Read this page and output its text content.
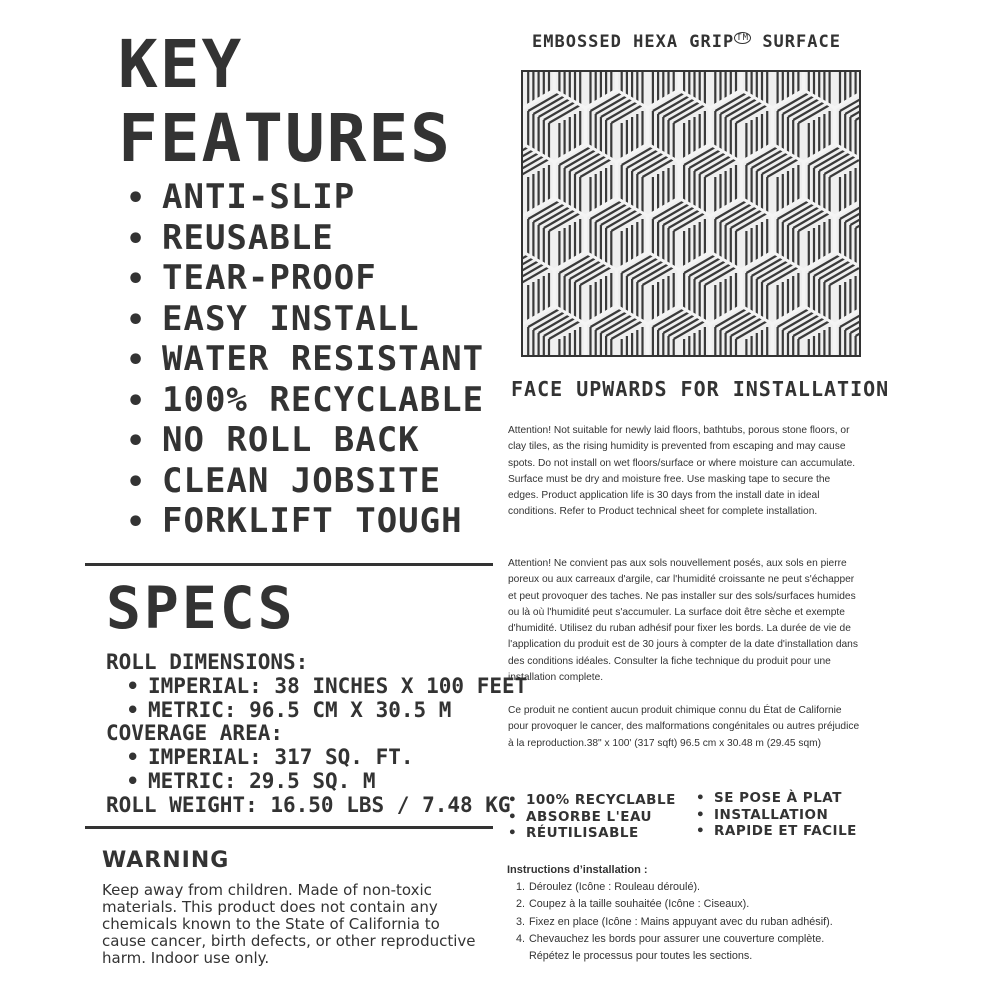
KEY
FEATURES
• ANTI-SLIP
• REUSABLE
• TEAR-PROOF
• EASY INSTALL
• WATER RESISTANT
• 100% RECYCLABLE
• NO ROLL BACK
• CLEAN JOBSITE
• FORKLIFT TOUGH
SPECS
ROLL DIMENSIONS:
• IMPERIAL: 38 INCHES X 100 FEET
• METRIC: 96.5 CM X 30.5 M
COVERAGE AREA:
• IMPERIAL: 317 SQ. FT.
• METRIC: 29.5 SQ. M
ROLL WEIGHT: 16.50 LBS / 7.48 KG
WARNING

Keep away from children. Made of non-toxic materials. This product does not contain any chemicals known to the State of California to cause cancer, birth defects, or other reproductive harm. Indoor use only.

EMBOSSED HEXA GRIP ™ SURFACE
FACE UPWARDS FOR INSTALLATION

Attention! Not suitable for newly laid floors, bathtubs, porous stone floors, or clay tiles, as the rising humidity is prevented from escaping and may cause spots. Do not install on wet floors/surface or where moisture can accumulate. Surface must be dry and moisture free. Use masking tape to secure the edges. Product application life is 30 days from the install date in ideal conditions. Refer to Product technical sheet for complete installation.

Attention! Ne convient pas aux sols nouvellement posés, aux sols en pierre poreux ou aux carreaux d'argile, car l'humidité croissante ne peut s'échapper et peut provoquer des taches. Ne pas installer sur des sols/surfaces humides ou là où l'humidité peut s'accumuler. La surface doit être sèche et exempte d'humidité. Utilisez du ruban adhésif pour fixer les bords. La durée de vie de l'application du produit est de 30 jours à compter de la date d'installation dans des conditions idéales. Consulter la fiche technique du produit pour une installation complete.

Ce produit ne contient aucun produit chimique connu du État de Californie pour provoquer le cancer, des malformations congénitales ou autres préjudice à la reproduction.38" x 100' (317 sqft) 96.5 cm x 30.48 m (29.45 sqm)

• 100% RECYCLABLE
• ABSORBE L'EAU
• RÉUTILISABLE
• SE POSE À PLAT
• INSTALLATION
• RAPIDE ET FACILE
Instructions d’installation :
1. Déroulez (Icône : Rouleau déroulé).
2. Coupez à la taille souhaitée (Icône : Ciseaux).
3. Fixez en place (Icône : Mains appuyant avec du ruban adhésif).
4. Chevauchez les bords pour assurer une couverture complète. Répétez le processus pour toutes les sections.
